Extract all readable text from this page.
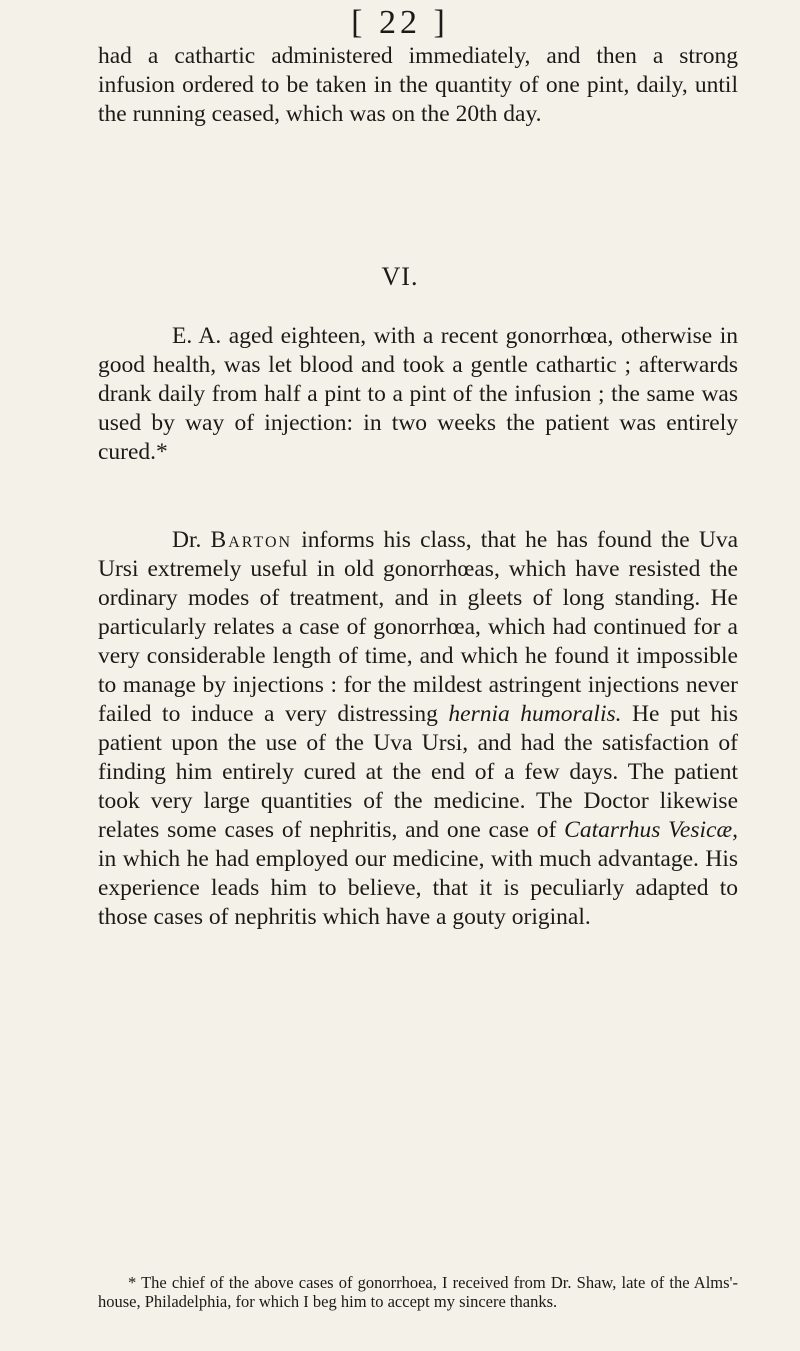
[ 22 ]

had a cathartic administered immediately, and then a strong infusion ordered to be taken in the quantity of one pint, daily, until the running ceased, which was on the 20th day.

VI.

E. A. aged eighteen, with a recent gonorrhœa, otherwise in good health, was let blood and took a gentle cathartic ; afterwards drank daily from half a pint to a pint of the infusion ; the same was used by way of injection: in two weeks the patient was entirely cured.*

Dr. Barton informs his class, that he has found the Uva Ursi extremely useful in old gonorrhœas, which have resisted the ordinary modes of treatment, and in gleets of long standing. He particularly relates a case of gonorrhœa, which had continued for a very considerable length of time, and which he found it impossible to manage by injections : for the mildest astringent injections never failed to induce a very distressing hernia humoralis. He put his patient upon the use of the Uva Ursi, and had the satisfaction of finding him entirely cured at the end of a few days. The patient took very large quantities of the medicine. The Doctor likewise relates some cases of nephritis, and one case of Catarrhus Vesicæ, in which he had employed our medicine, with much advantage. His experience leads him to believe, that it is peculiarly adapted to those cases of nephritis which have a gouty original.

* The chief of the above cases of gonorrhoea, I received from Dr. Shaw, late of the Alms'-house, Philadelphia, for which I beg him to accept my sincere thanks.
